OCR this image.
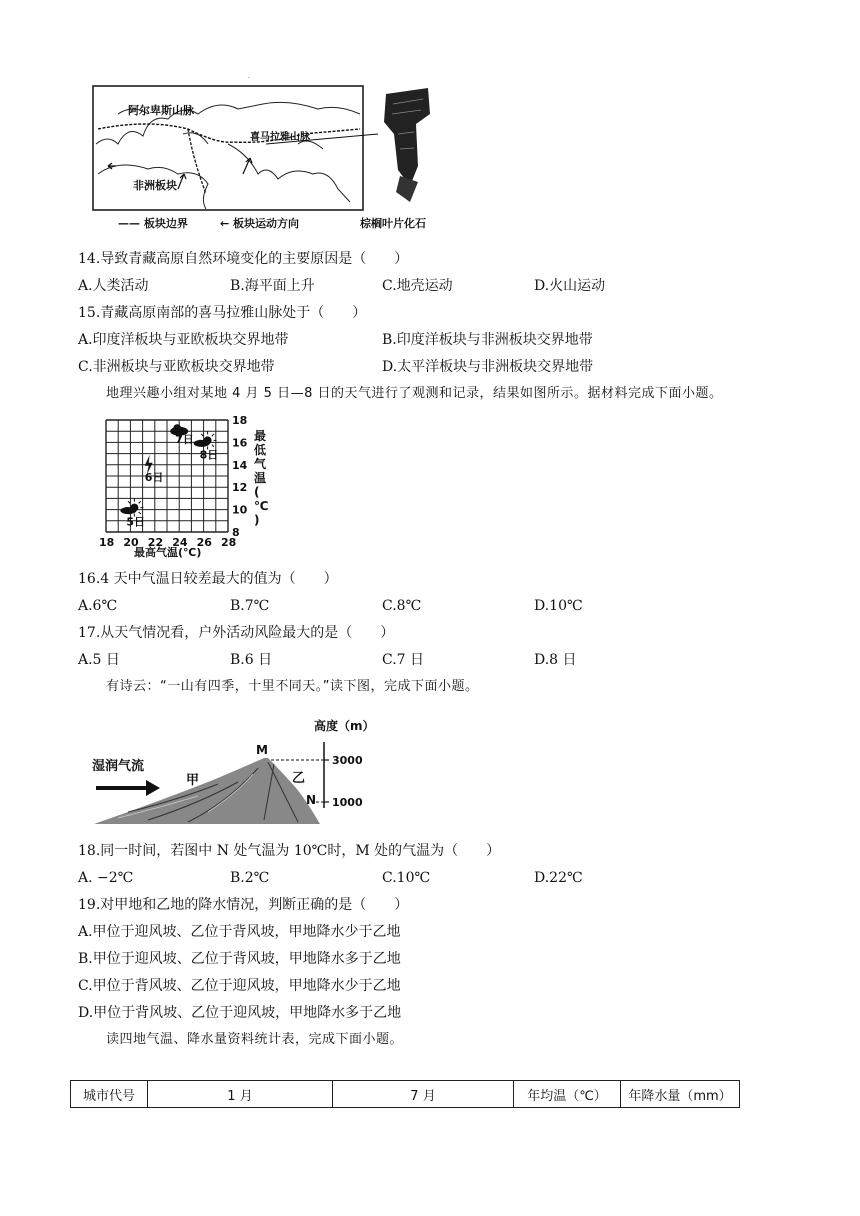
·
阿尔卑斯山脉
喜马拉雅山脉
非洲板块
—— 板块边界	← 板块运动方向	棕榈叶片化石
14.导致青藏高原自然环境变化的主要原因是（　　）
A.人类活动	B.海平面上升	C.地壳运动	D.火山运动
15.青藏高原南部的喜马拉雅山脉处于（　　）
A.印度洋板块与亚欧板块交界地带	B.印度洋板块与非洲板块交界地带
C.非洲板块与亚欧板块交界地带	D.太平洋板块与非洲板块交界地带
地理兴趣小组对某地 4 月 5 日—8 日的天气进行了观测和记录，结果如图所示。据材料完成下面小题。
18 20 22 24 26 28
18
16
14
12
10
8
5日
6日
7日
8日
最高气温(℃)
最
低
气
温
(
℃
)
16.4 天中气温日较差最大的值为（　　）
A.6℃	B.7℃	C.8℃	D.10℃
17.从天气情况看，户外活动风险最大的是（　　）
A.5 日	B.6 日	C.7 日	D.8 日
有诗云：“一山有四季，十里不同天。”读下图，完成下面小题。
高度（m）
3000
1000
M
N
甲	乙
湿润气流
18.同一时间，若图中 N 处气温为 10℃时，M 处的气温为（　　）
A. −2℃	B.2℃	C.10℃	D.22℃
19.对甲地和乙地的降水情况，判断正确的是（　　）
A.甲位于迎风坡、乙位于背风坡，甲地降水少于乙地
B.甲位于迎风坡、乙位于背风坡，甲地降水多于乙地
C.甲位于背风坡、乙位于迎风坡，甲地降水少于乙地
D.甲位于背风坡、乙位于迎风坡，甲地降水多于乙地
读四地气温、降水量资料统计表，完成下面小题。
城市代号	1 月	7 月	年均温（℃）	年降水量（mm）
